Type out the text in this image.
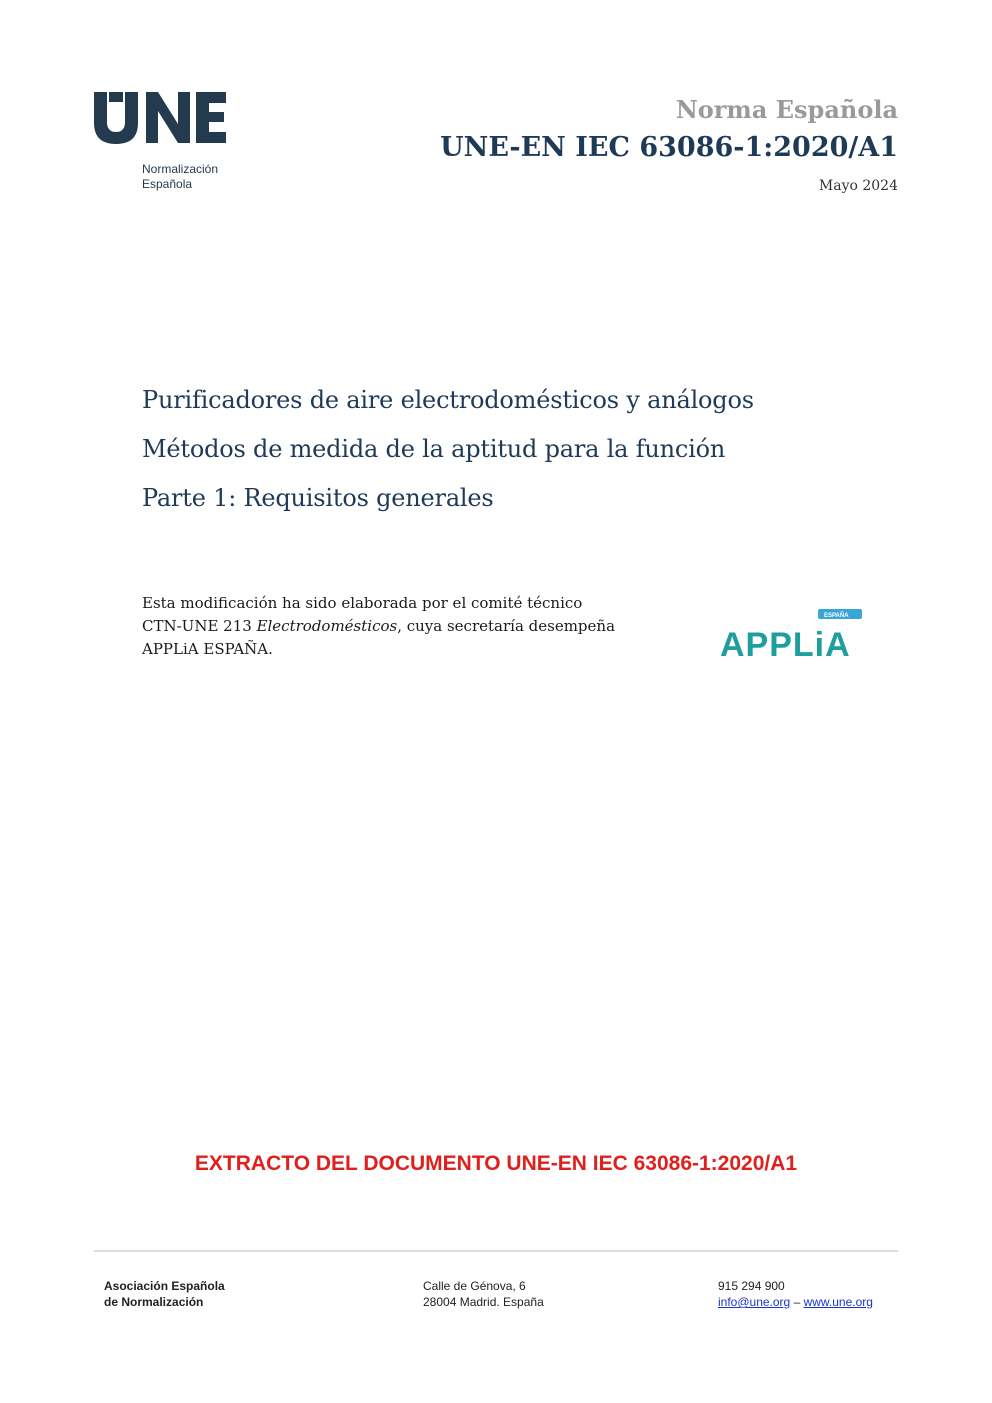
Normalización
Española
Norma Española
UNE-EN IEC 63086-1:2020/A1
Mayo 2024
Purificadores de aire electrodomésticos y análogos
Métodos de medida de la aptitud para la función
Parte 1: Requisitos generales
Esta modificación ha sido elaborada por el comité técnico
CTN-UNE 213 Electrodomésticos, cuya secretaría desempeña
APPLiA ESPAÑA.
ESPAÑA
APPLiA
EXTRACTO DEL DOCUMENTO UNE-EN IEC 63086-1:2020/A1
Asociación Española
de Normalización
Calle de Génova, 6
28004 Madrid. España
915 294 900
info@une.org – www.une.org
